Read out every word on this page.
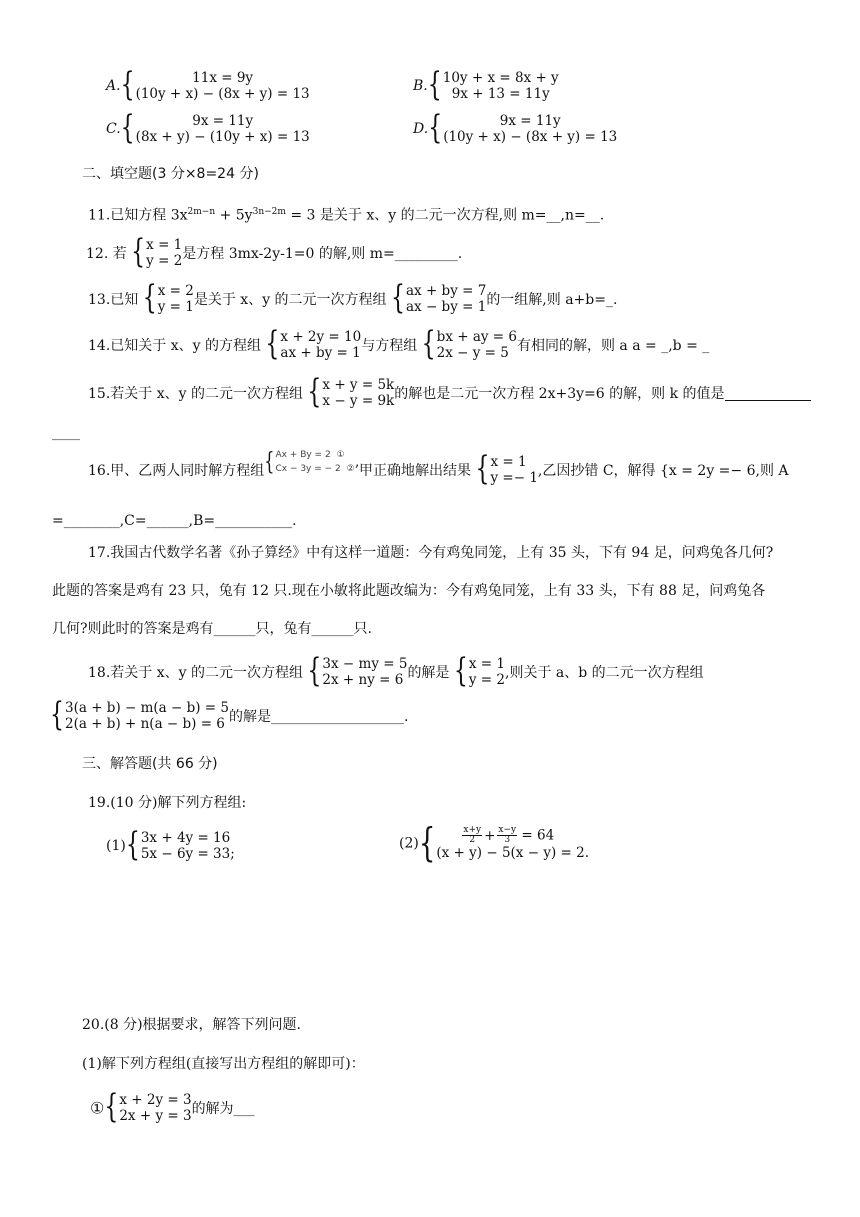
A.{	11x = 9y
(10y + x) − (8x + y) = 13	B.{ 10y + x = 8x + y
9x + 13 = 11y
C.{	9x = 11y
(8x + y) − (10y + x) = 13	D.{	9x = 11y
(10y + x) − (8x + y) = 13
二、填空题(3 分×8=24 分)
11.已知方程 $3x^{2m-n} + 5y^{3n-2m} = 3$ 是关于 x、y 的二元一次方程,则 m=__,n=__.
12. 若 { x = 1
y = 2 是方程 3mx-2y-1=0 的解,则 m=_________.
13.已知 { x = 2
y = 1 是关于 x、y 的二元一次方程组 { ax + by = 7
ax − by = 1 的一组解,则 a+b=_.
14.已知关于 x、y 的方程组 { x + 2y = 10
ax + by = 1 与方程组 { bx + ay = 6
2x − y = 5 有相同的解，则 a a = _,b = _
15.若关于 x、y 的二元一次方程组 { x + y = 5k
x − y = 9k 的解也是二元一次方程 2x+3y=6 的解，则 k 的值是
____
16.甲、乙两人同时解方程组{ Ax + By = 2 ①
Cx − 3y = − 2 ② ’甲正确地解出结果 { x = 1
y =− 1 ,乙因抄错 C，解得 {x = 2y =− 6,则 A
=________,C=______,B=___________.
17.我国古代数学名著《孙子算经》中有这样一道题：今有鸡兔同笼，上有 35 头，下有 94 足，问鸡兔各几何?
此题的答案是鸡有 23 只，兔有 12 只.现在小敏将此题改编为：今有鸡兔同笼，上有 33 头，下有 88 足，问鸡兔各
几何?则此时的答案是鸡有______只，兔有______只.
18.若关于 x、y 的二元一次方程组 { 3x − my = 5
2x + ny = 6 的解是 { x = 1
y = 2 ,则关于 a、b 的二元一次方程组
{ 3(a + b) − m(a − b) = 5
2(a + b) + n(a − b) = 6 的解是___________________.
三、解答题(共 66 分)
19.(10 分)解下列方程组:
(1){ 3x + 4y = 16
5x − 6y = 33;
(2){	$\frac{x+y}{2} + \frac{x-y}{3} = 64$
(x + y) − 5(x − y) = 2.
20.(8 分)根据要求，解答下列问题.
(1)解下列方程组(直接写出方程组的解即可)：
①{ x + 2y = 3
2x + y = 3 的解为___
